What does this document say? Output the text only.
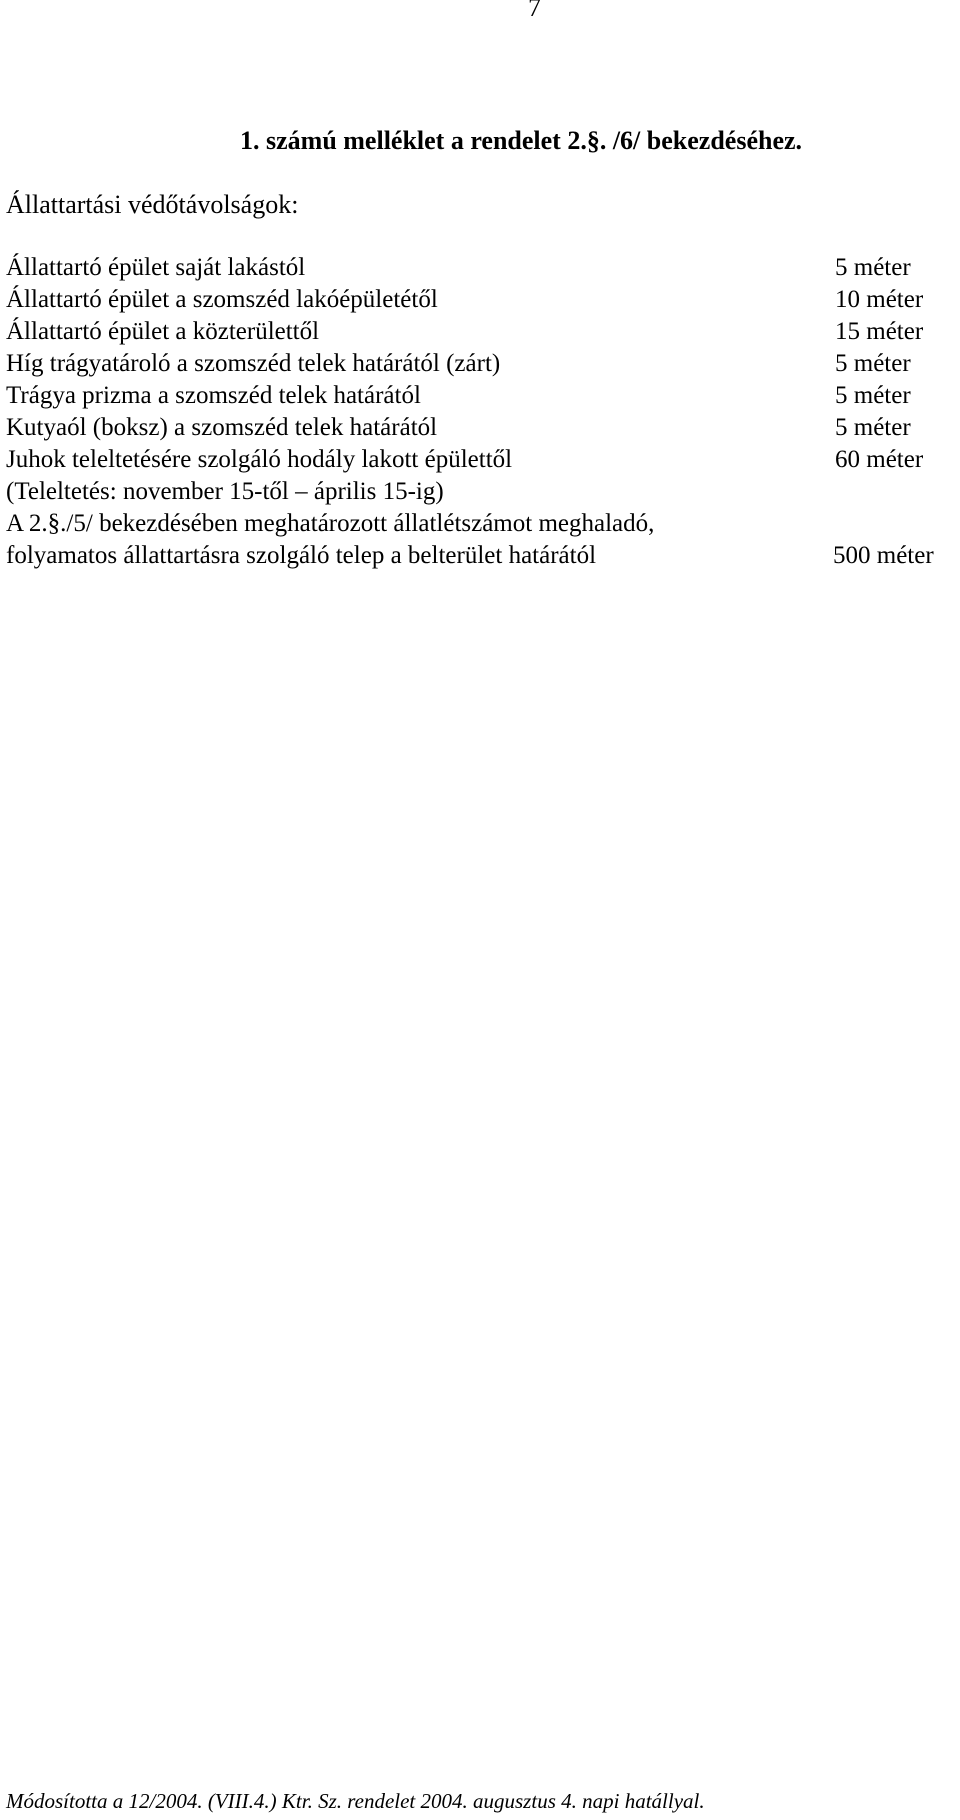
7
1. számú melléklet a rendelet 2.§. /6/ bekezdéséhez.
Állattartási védőtávolságok:
Állattartó épület saját lakástól	5 méter
Állattartó épület a szomszéd lakóépületétől	10 méter
Állattartó épület a közterülettől	15 méter
Híg trágyatároló a szomszéd telek határától (zárt)	5 méter
Trágya prizma a szomszéd telek határától	5 méter
Kutyaól (boksz) a szomszéd telek határától	5 méter
Juhok teleltetésére szolgáló hodály lakott épülettől	60 méter
(Teleltetés: november 15-től – április 15-ig)
A 2.§./5/ bekezdésében meghatározott állatlétszámot meghaladó,
folyamatos állattartásra szolgáló telep a belterület határától	500 méter
Módosította a 12/2004. (VIII.4.) Ktr. Sz. rendelet 2004. augusztus 4. napi hatállyal.
